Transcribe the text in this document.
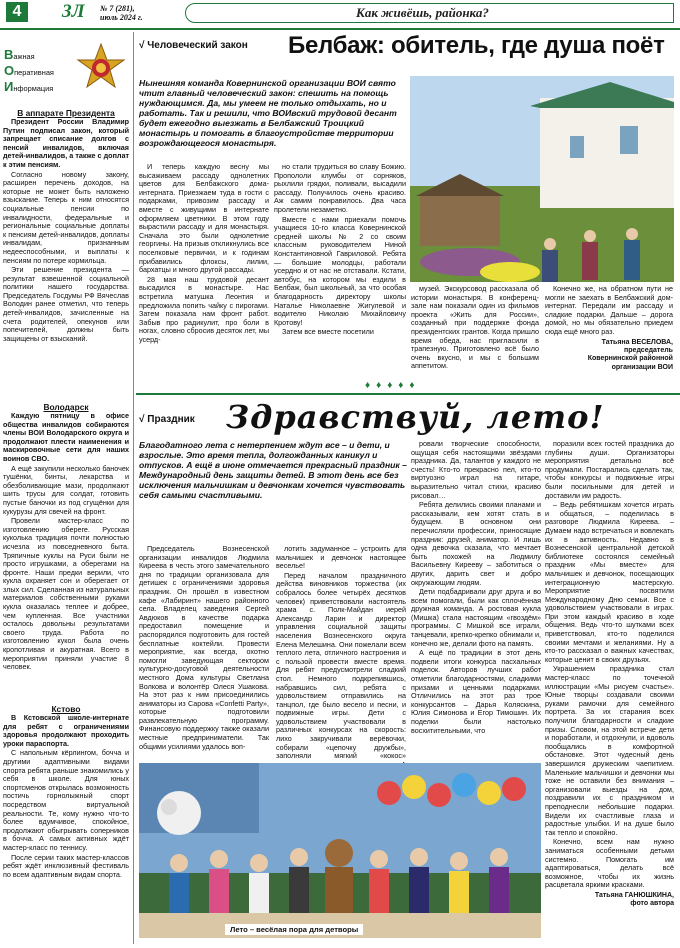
4	ЗЛ № 7 (281),
июль 2024 г.	Как живёшь, районка?
Важная
Оперативная
Информация
В аппарате Президента

Президент России Владимир Путин подписал закон, который запрещает списание долгов с пенсий инвалидов, включая детей-инвалидов, а также с доплат к этим пенсиям.

Согласно новому закону, расширен перечень доходов, на которые не может быть наложено взыскание. Теперь к ним относятся социальные пенсии по инвалидности, федеральные и региональные социальные доплаты к пенсиям детей-инвалидов, доплаты инвалидам, признанным недееспособными, и выплаты к пенсиям по потере кормильца.

Эти решение президента — результат взвешенной социальной политики нашего государства. Председатель Госдумы РФ Вячеслав Володин ранее отметил, что теперь детей-инвалидов, зачисленные на счета родителей, опекунов или попечителей, должны быть защищены от взысканий.

Володарск

Каждую пятницу в офисе общества инвалидов собираются члены ВОИ Володарского округа и продолжают плести наименения и маскировочные сети для наших воинов СВО.

А ещё закупили несколько баночек тушёнки, бинты, лекарства и обезболивающие мази, продолжают шить трусы для солдат, готовить пустые баночки из под сгущёнки для кукурузы для свечей на фронт.

Провели мастер-класс по изготовлению обереге. Русская куколька традиция почти полностью исчезла из повседневного быта. Тряпичные куклы на Руси были не просто игрушками, а оберегами на фронте. Наши предки верили, что кукла охраняет сон и оберегает от злых сил. Сделанная из натуральных материалов собственными руками кукла оказалась теплее и добрее, чем купленная. Все участники осталось довольны результатами своего труда. Работа по изготовлению кукол была очень кропотливая и акуратная. Всего в мероприятии приняли участие 8 человек.

Кстово

В Кстовской школе-интернате для ребят с ограничениями здоровья продолжают проходить уроки параспорта.

С напольным кёрлингом, бочча и другими адаптивными видами спорта ребята раньше знакомились у себя в школе. Для юных спортсменов открылась возможность постичь горнолыжный спорт посредством виртуальной реальности. Те, кому нужно что-то более вдумчивое, спокойное, продолжают обыгрывать соперников в бочча. А самых активных ждёт мастер-класс по теннису.

После серии таких мастер-классов ребят ждёт инклюзивный фестиваль по всем адаптивным видам спорта.

√ Человеческий закон Белбаж: обитель, где душа поёт

Нынешняя команда Ковернинской организации ВОИ свято чтит главный человеческий закон: спешить на помощь нуждающимся. Да, мы умеем не только отдыхать, но и работать. Так и решили, что ВОИвский трудовой десант будет ежегодно выезжать в Белбажский Троицкий монастырь и помогать в благоустройстве территории возрождающегося монастыря.

И теперь каждую весну мы высаживаем рассаду однолетних цветов для Белбажского дома-интерната. Приезжаем туда в гости с подарками, привозим рассаду и вместе с живущими в интернате оформляем цветники. В этом году вырастили рассаду и для монастыря. Сначала это были однолетние георгины. На призыв откликнулись все поселковые первички, и к годинам прибавились флоксы, лилии, бархатцы и много другой рассады.

28 мая наш трудовой десант высадился в монастыре. Нас встретила матушка Леонтия и предложила попить чайку с пирогами. Затем показала нам фронт работ. Забыв про радикулит, про боли в ногах, словно сбросив десяток лет, мы усерд-

но стали трудиться во славу Божию. Пропололи клумбы от сорняков, рыхлили грядки, поливали, высадили рассаду. Получилось очень красиво. Аж самим понравилось. Два часа пролетели незаметно.

Вместе с нами приехали помочь учащиеся 10-го класса Ковернинской средней школы № 2 со своим классным руководителем Ниной Константиновной Гавриловой. Ребята — большие молодцы, работали усердно и от нас не отставали. Кстати, автобус, на котором мы ездили в Белбаж, был школьный, за что особая благодарность директору школы Наталье Николаевне Жигулевой и водителю Николаю Михайловичу Кротову!

Затем все вместе посетили

музей. Экскурсовод рассказала об истории монастыря. В конференц-зале нам показали один из фильмов проекта «Жить для России», созданный при поддержке фонда президентских грантов. Когда пришло время обеда, нас пригласили в трапезную. Приготовлено всё было очень вкусно, и мы с большим аппетитом.

Конечно же, на обратном пути не могли не заехать в Белбажский дом-интернат. Передали им рассаду и сладкие подарки. Дальше – дорога домой, но мы обязательно приедем сюда ещё много раз.

Татьяна ВЕСЕЛОВА,
председатель
Ковернинской районной
организации ВОИ
♦♦♦♦♦
√ Праздник Здравствуй, лето!

Благодатного лета с нетерпением ждут все – и дети, и взрослые. Это время тепла, долгожданных каникул и отпусков. А ещё в июне отмечается прекрасный праздник – Международный день защиты детей. В этот день все без исключения мальчишкам и девчонкам хочется чувствовать себя самыми счастливыми.

Председатель Вознесенской организации инвалидов Людмила Киреева в честь этого замечательного дня по традиции организовала для детишек с ограничениями здоровья праздник. Он прошёл в известном кафе «Лабиринт» нашего районного села. Владелец заведения Сергей Авдюков в качестве подарка предоставил помещение и распорядился подготовить для гостей бесплатные коктейли. Провести мероприятие, как всегда, охотно помогли заведующая сектором культурно-досуговой деятельности местного Дома культуры Светлана Волкова и волонтёр Олеся Ушакова. На этот раз к ним присоединились аниматоры из Сарова «Confetti Party», которые подготовили развлекательную программу. Финансовую поддержку также оказали местные предприниматели. Так общими усилиями удалось воп-

лотить задуманное – устроить для мальчишек и девчонок настоящее веселье!

Перед началом праздничного действа виновников торжества (их собралось более четырёх десятков человек) приветствовали настоятель храма с. Полк-Майдан иерей Александр Ларин и директор управления социальной защиты населения Вознесенского округа Елена Мелешина. Они пожелали всем теплого лета, отличного настроения и с пользой провести вместе время. Для ребят предусмотрели сладкий стол. Немного подкрепившись, набравшись сил, ребята с удовольствием отправились на танцпол, где было весело и песни, и подвижные игры. Дети с удовольствием участвовали в различных конкурсах на скорость: лихо закручивали верёвочки, собирали «цепочку дружбы», заполняли мягкий «кокос»

ровали творческие способности, ощущая себя настоящими звёздами праздника. Да, талантов у каждого не счесть! Кто-то прекрасно пел, кто-то виртуозно играл на гитаре, выразительно читал стихи, красиво рисовал…

Ребята делились своими планами и рассказывали, кем хотят стать в будущем. В основном они перечисляли профессии, приносящие праздник: друзей, аниматор. И лишь одна девочка сказала, что мечтает быть похожей на Людмилу Васильевну Кирееву – заботиться о других, дарить свет и добро окружающим людям.

Дети подбадривали друг друга и во всем помогали, были как сплочённая дружная команда. А ростовая кукла (Мишка) стала настоящим «гвоздём» программы. С Мишкой все играли, танцевали, крепко-крепко обнимали и, конечно же, делали фото на память.

А ещё по традиции в этот день подвели итоги конкурса пасхальных поделок. Авторов лучших работ отметили благодарностями, сладкими призами и ценными подарками. Отличились на этот раз трое конкурсантов – Дарья Коляскина, Юлия Симонова и Егор Тимошин. Их поделки были настолько восхитительными, что

поразили всех гостей праздника до глубины души. Организаторы мероприятия детально всё продумали. Постарались сделать так, чтобы конкурсы и подвижные игры были посильными для детей и доставили им радость.

– Ведь ребятишкам хочется играть и общаться, – поделилась в разговоре Людмила Киреева. – Думаем надо встречаться и вовлекать их в активность. Недавно в Вознесенской центральной детской библиотеке состоялся семейный праздник «Мы вместе» для мальчишек и девчонок, посещающих интеграционную мастерскую. Мероприятие посвятили Международному Дню семьи. Все с удовольствием участвовали в играх. При этом каждый красиво в ходе общения. Ведь что-то шутками всех приветствовал, кто-то поделился своими мечтами и желаниями. Ну а кто-то рассказал о важных качествах, которые ценит в своих друзьях.

Украшением праздника стал мастер-класс по точечной иллюстрации «Мы рисуем счастье». Юные творцы создавали своими руками рамочки для семейного портрета. За их старания всех получили благодарности и сладкие призы. Словом, на этой встрече дети и поработали, и отдохнули, и вдоволь пообщались в комфортной обстановке. Этот чудесный день завершился дружеским чаепитием. Маленькие мальчишки и девчонки мы тоже не оставили без внимания – организовали выезды на дом, поздравили их с праздником и преподнесли небольшие подарки. Видели их счастливые глаза и радостные улыбки. И на душе было так тепло и спокойно.

Конечно, всем нам нужно заниматься особенными детьми системно. Помогать им адаптироваться, делать всё возможное, чтобы их жизнь расцветала яркими красками.

Татьяна ГАНЮШКИНА,
фото автора
Лето – весёлая пора для детворы
